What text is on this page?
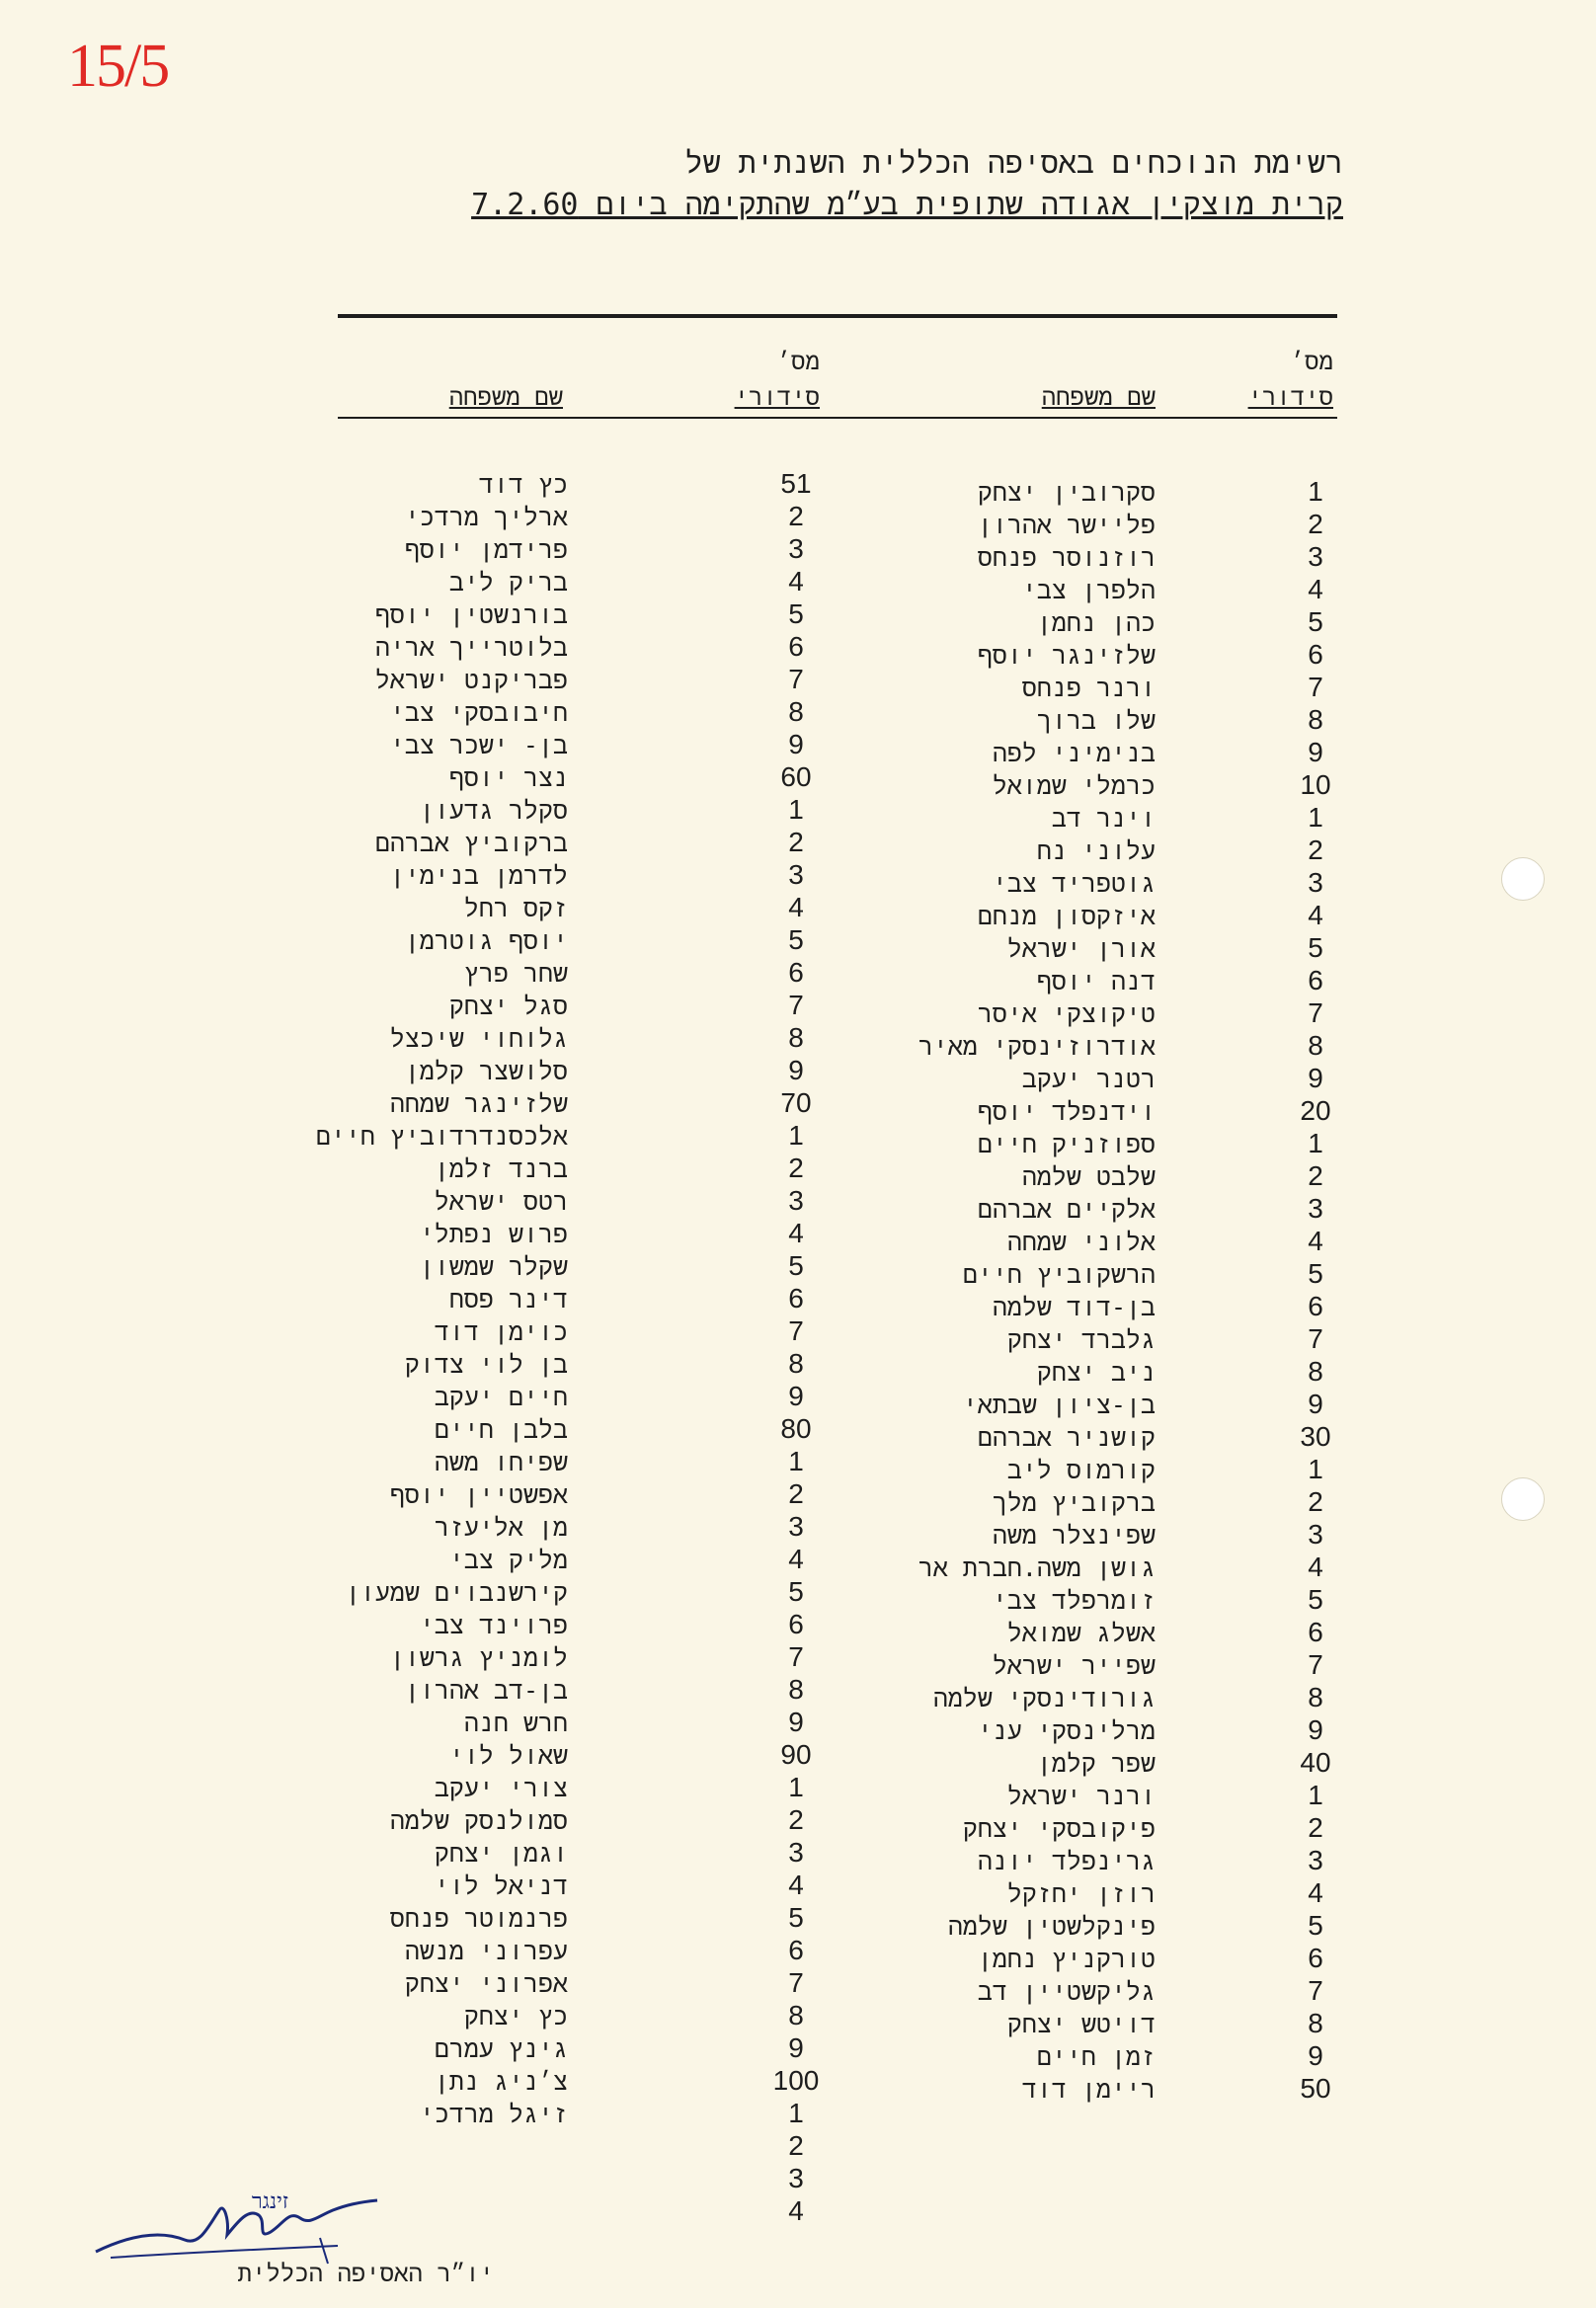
15/5
רשימת הנוכחים באסיפה הכללית השנתית של
קרית מוצקין אגודה שתופית בע״מ שהתקימה ביום 7.2.60
מס׳
סידורי
שם משפחה
מס׳
סידורי
שם משפחה
1
סקרובין יצחק
2
פליישר אהרון
3
רוזנוסר פנחס
4
הלפרן צבי
5
כהן נחמן
6
שלזינגר יוסף
7
ורנר פנחס
8
שלו ברוך
9
בנימיני לפה
10
כרמלי שמואל
1
וינר דב
2
עלוני נח
3
גוטפריד צבי
4
איזקסון מנחם
5
אורן ישראל
6
דנה יוסף
7
טיקוצקי איסר
8
אודרוזינסקי מאיר
9
רטנר יעקב
20
וידנפלד יוסף
1
ספוזניק חיים
2
שלבט שלמה
3
אלקיים אברהם
4
אלוני שמחה
5
הרשקוביץ חיים
6
בן-דוד שלמה
7
גלברד יצחק
8
ניב יצחק
9
בן-ציון שבתאי
30
קושניר אברהם
1
קורמוס ליב
2
ברקוביץ מלך
3
שפינצלר משה
4
גושן משה.חברת אר
5
זומרפלד צבי
6
אשלג שמואל
7
שפייר ישראל
8
גורודינסקי שלמה
9
מרלינסקי עני
40
שפר קלמן
1
ורנר ישראל
2
פיקובסקי יצחק
3
גרינפלד יונה
4
רוזן יחזקל
5
פינקלשטין שלמה
6
טורקניץ נחמן
7
גליקשטיין דב
8
דויטש יצחק
9
זמן חיים
50
ריימן דוד
51
כץ דוד
2
ארליך מרדכי
3
פרידמן יוסף
4
בריק ליב
5
בורנשטין יוסף
6
בלוטרייך אריה
7
פבריקנט ישראל
8
חיבובסקי צבי
9
בן- ישכר צבי
60
נצר יוסף
1
סקלר גדעון
2
ברקוביץ אברהם
3
לדרמן בנימין
4
זקס רחל
5
יוסף גוטרמן
6
שחר פרץ
7
סגל יצחק
8
גלוחוי שיכצל
9
סלושצר קלמן
70
שלזינגר שמחה
1
אלכסנדרדוביץ חיים
2
ברנד זלמן
3
רטס ישראל
4
פרוש נפתלי
5
שקלר שמשון
6
דינר פסח
7
כוימן דוד
8
בן לוי צדוק
9
חיים יעקב
80
בלבן חיים
1
שפיחו משה
2
אפשטיין יוסף
3
מן אליעזר
4
מליק צבי
5
קירשנבוים שמעון
6
פרוינד צבי
7
לומניץ גרשון
8
בן-דב אהרון
9
חרש חנה
90
שאול לוי
1
צורי יעקב
2
סמולנסק שלמה
3
וגמן יצחק
4
דניאל לוי
5
פרנמוטר פנחס
6
עפרוני מנשה
7
אפרוני יצחק
8
כץ יצחק
9
גינץ עמרם
100
צ׳ניג נתן
1
זיגל מרדכי
2
3
4
זינגר
יו״ר האסיפה הכללית
